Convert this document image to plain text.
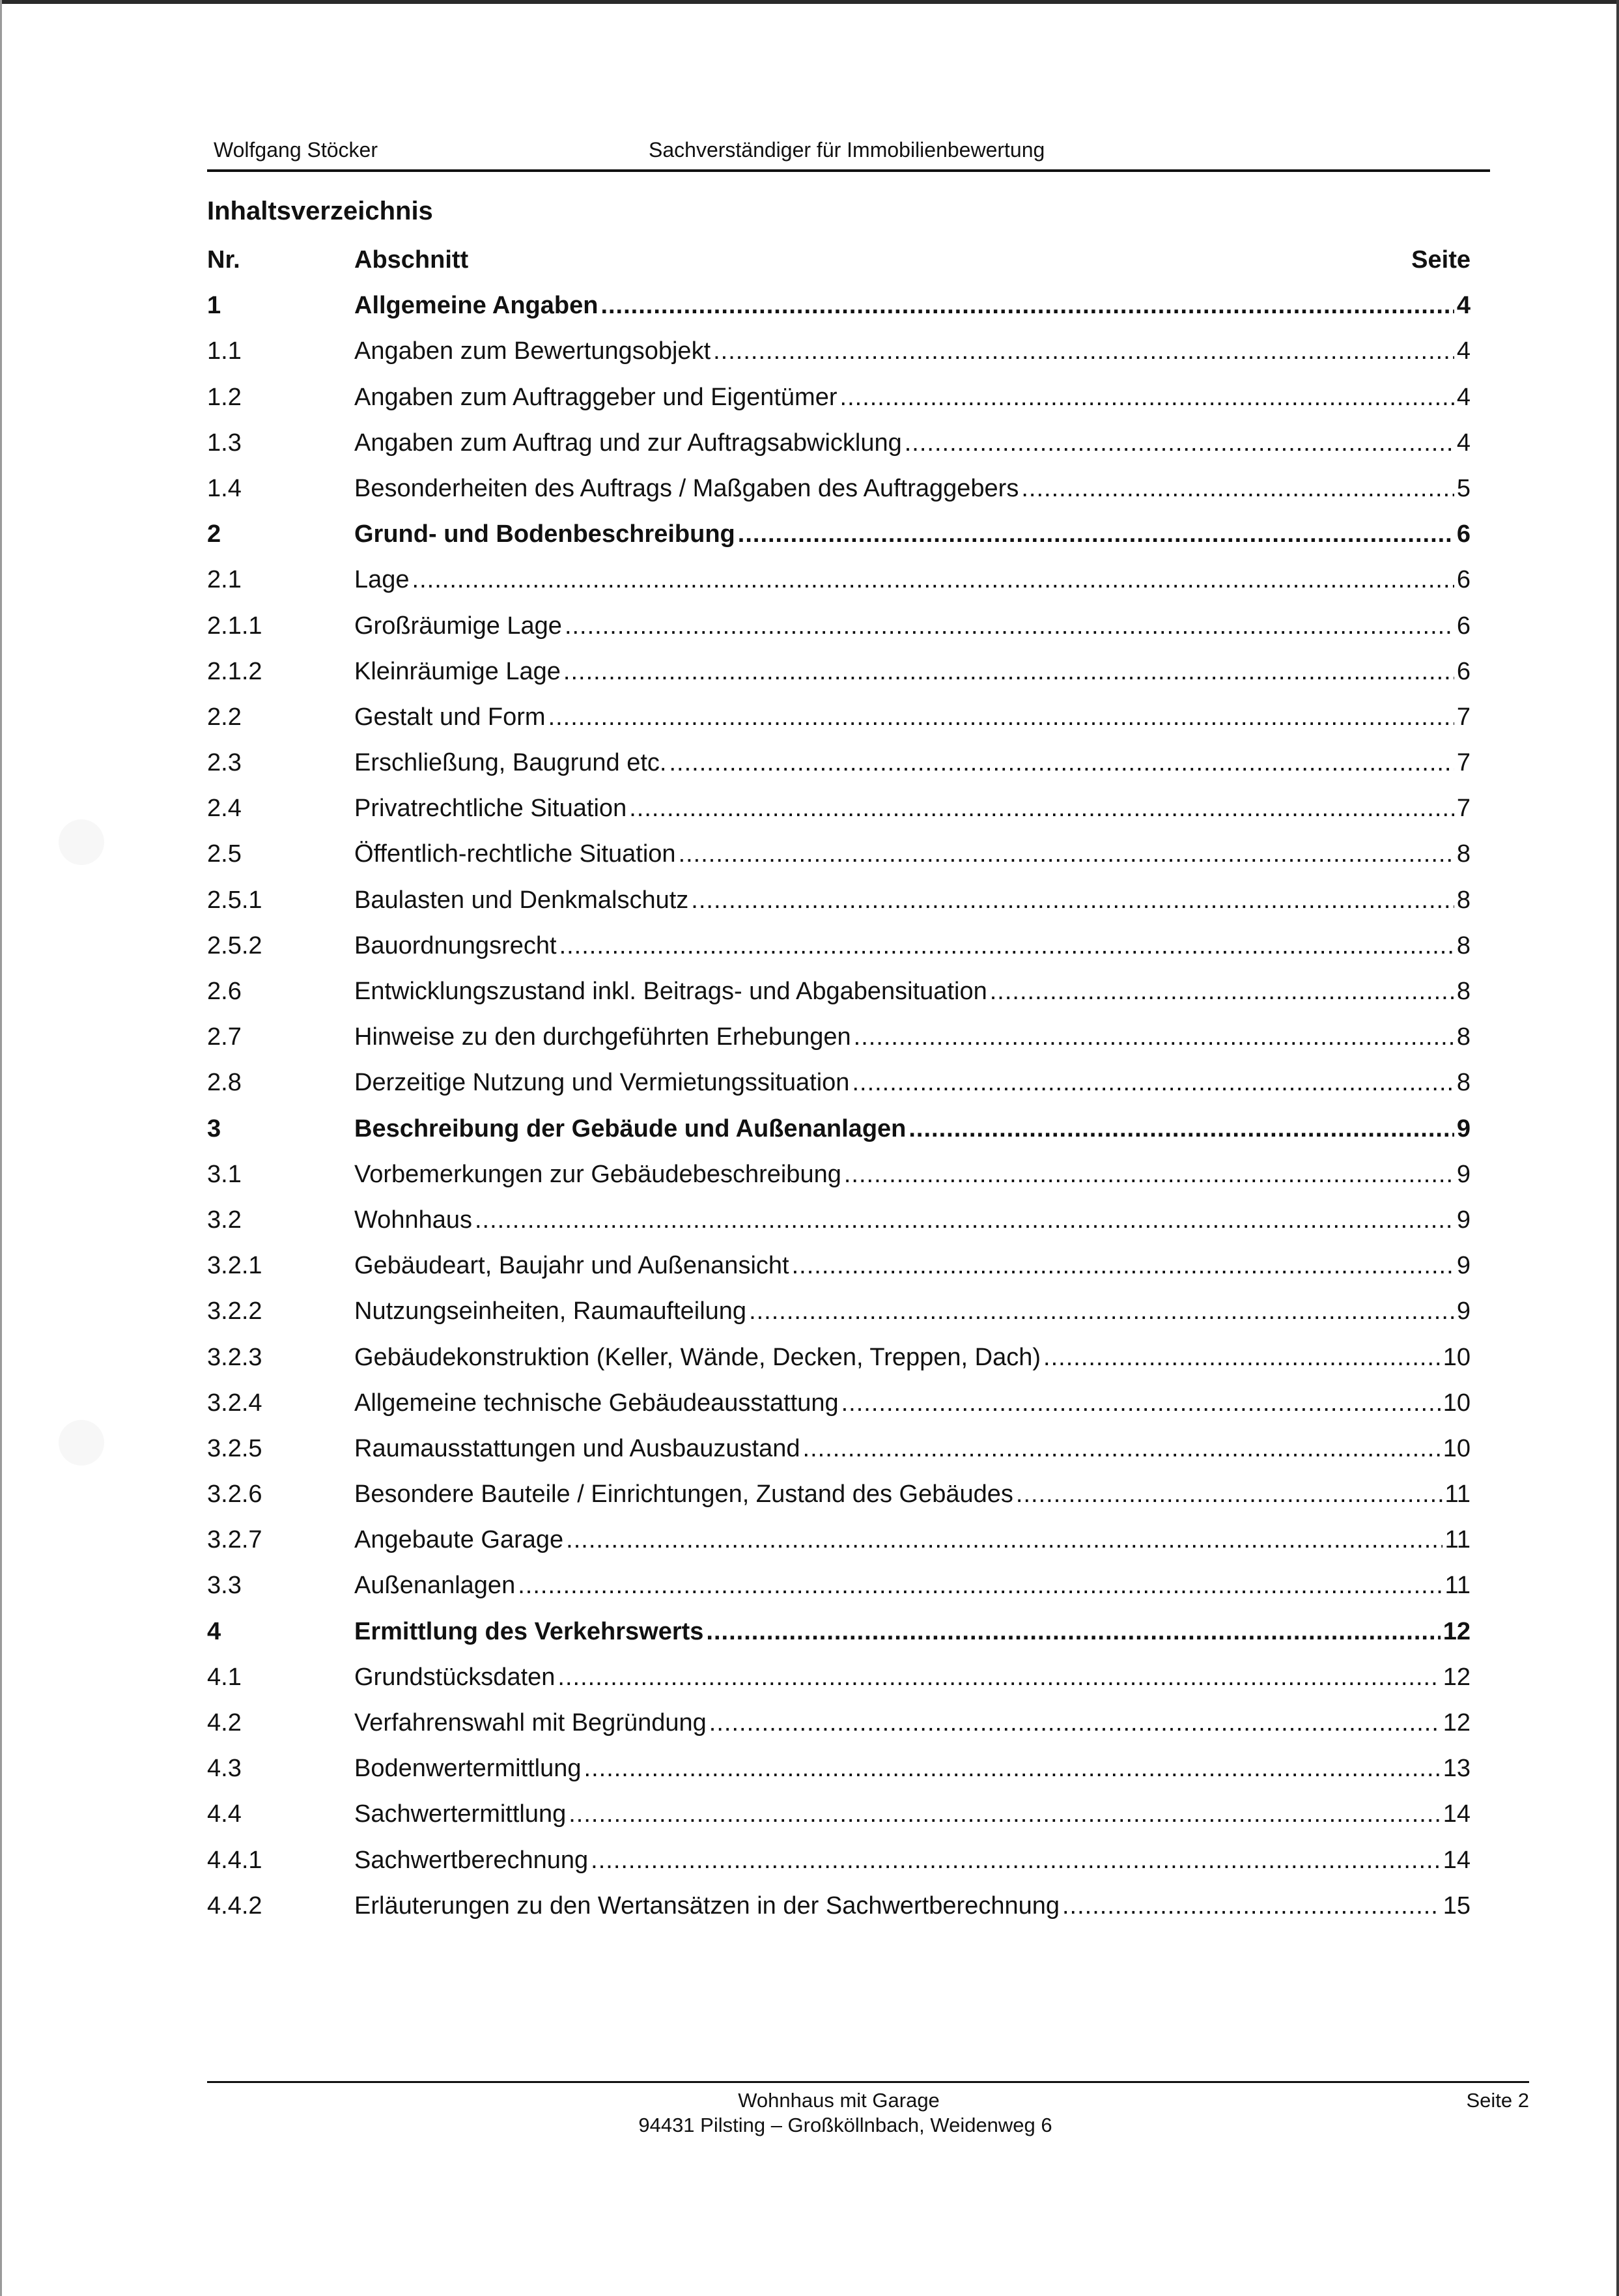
Wolfgang Stöcker	Sachverständiger für Immobilienbewertung
Inhaltsverzeichnis
Nr.	Abschnitt	Seite
1	Allgemeine Angaben .....	4
1.1	Angaben zum Bewertungsobjekt .....	4
1.2	Angaben zum Auftraggeber und Eigentümer .....	4
1.3	Angaben zum Auftrag und zur Auftragsabwicklung .....	4
1.4	Besonderheiten des Auftrags / Maßgaben des Auftraggebers .....	5
2	Grund- und Bodenbeschreibung .....	6
2.1	Lage .....	6
2.1.1	Großräumige Lage .....	6
2.1.2	Kleinräumige Lage .....	6
2.2	Gestalt und Form .....	7
2.3	Erschließung, Baugrund etc. .....	7
2.4	Privatrechtliche Situation .....	7
2.5	Öffentlich-rechtliche Situation .....	8
2.5.1	Baulasten und Denkmalschutz .....	8
2.5.2	Bauordnungsrecht .....	8
2.6	Entwicklungszustand inkl. Beitrags- und Abgabensituation .....	8
2.7	Hinweise zu den durchgeführten Erhebungen .....	8
2.8	Derzeitige Nutzung und Vermietungssituation .....	8
3	Beschreibung der Gebäude und Außenanlagen .....	9
3.1	Vorbemerkungen zur Gebäudebeschreibung .....	9
3.2	Wohnhaus .....	9
3.2.1	Gebäudeart, Baujahr und Außenansicht .....	9
3.2.2	Nutzungseinheiten, Raumaufteilung .....	9
3.2.3	Gebäudekonstruktion (Keller, Wände, Decken, Treppen, Dach) .....	10
3.2.4	Allgemeine technische Gebäudeausstattung .....	10
3.2.5	Raumausstattungen und Ausbauzustand .....	10
3.2.6	Besondere Bauteile / Einrichtungen, Zustand des Gebäudes .....	11
3.2.7	Angebaute Garage .....	11
3.3	Außenanlagen .....	11
4	Ermittlung des Verkehrswerts .....	12
4.1	Grundstücksdaten .....	12
4.2	Verfahrenswahl mit Begründung .....	12
4.3	Bodenwertermittlung .....	13
4.4	Sachwertermittlung .....	14
4.4.1	Sachwertberechnung .....	14
4.4.2	Erläuterungen zu den Wertansätzen in der Sachwertberechnung .....	15
Wohnhaus mit Garage
94431 Pilsting – Großköllnbach, Weidenweg 6
Seite 2
